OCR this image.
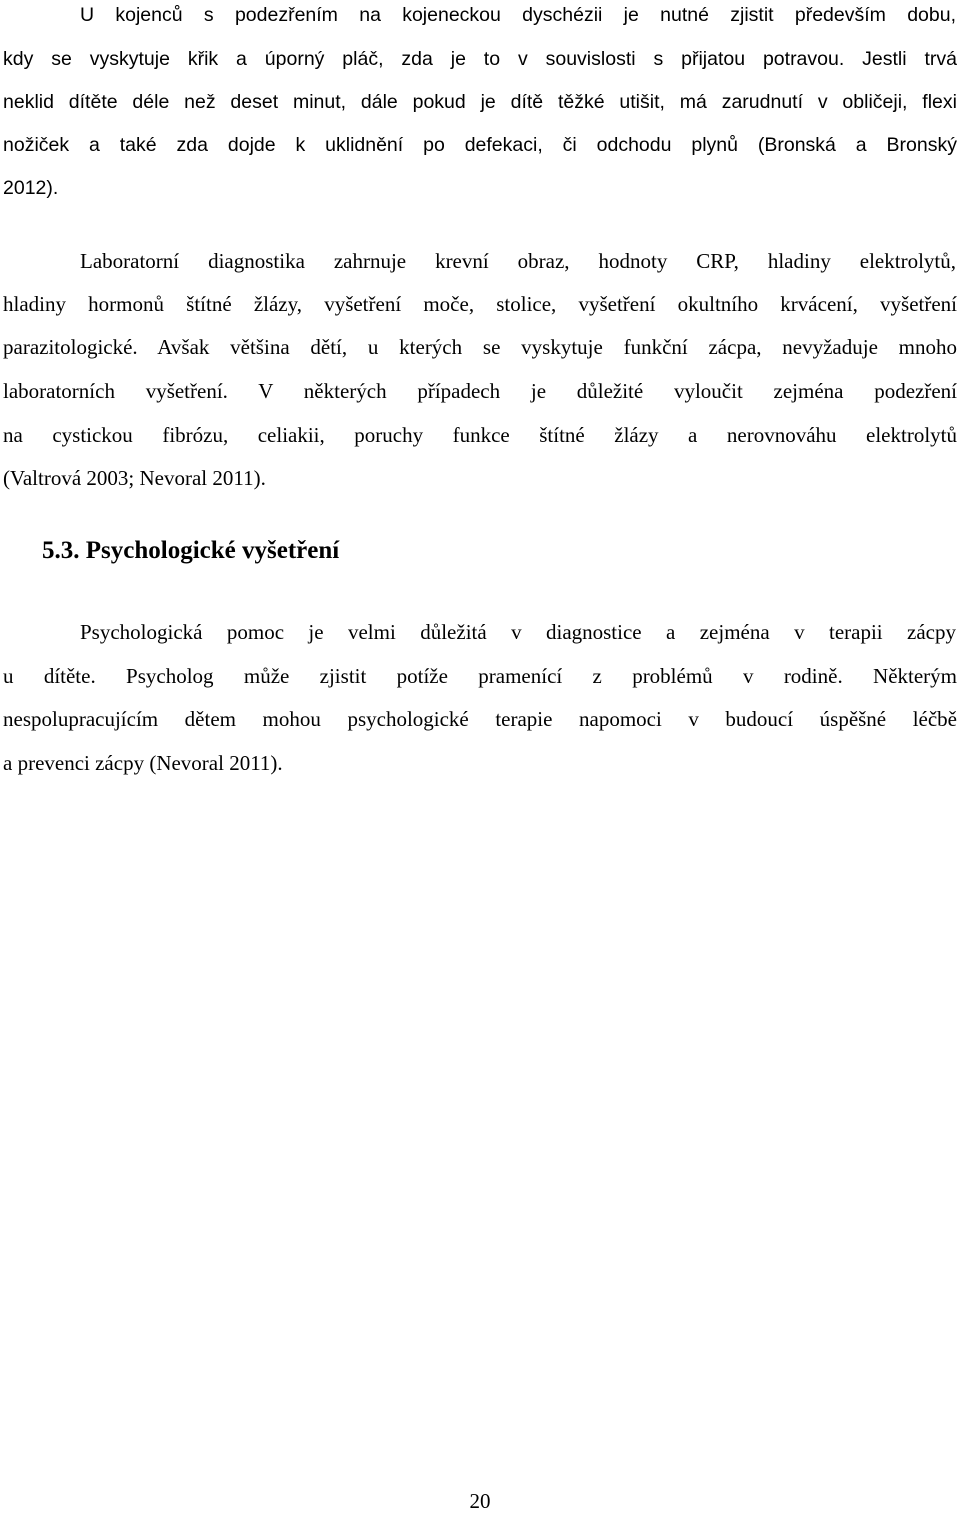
U kojenců s podezřením na kojeneckou dyschézii je nutné zjistit především dobu,
kdy se vyskytuje křik a úporný pláč, zda je to v souvislosti s přijatou potravou. Jestli trvá
neklid dítěte déle než deset minut, dále pokud je dítě těžké utišit, má zarudnutí v obličeji, flexi
nožiček a také zda dojde k uklidnění po defekaci, či odchodu plynů (Bronská a Bronský
2012).
Laboratorní diagnostika zahrnuje krevní obraz, hodnoty CRP, hladiny elektrolytů,
hladiny hormonů štítné žlázy, vyšetření moče, stolice, vyšetření okultního krvácení, vyšetření
parazitologické. Avšak většina dětí, u kterých se vyskytuje funkční zácpa, nevyžaduje mnoho
laboratorních vyšetření. V některých případech je důležité vyloučit zejména podezření
na cystickou fibrózu, celiakii, poruchy funkce štítné žlázy a nerovnováhu elektrolytů
(Valtrová 2003; Nevoral 2011).
5.3. Psychologické vyšetření
Psychologická pomoc je velmi důležitá v diagnostice a zejména v terapii zácpy
u dítěte. Psycholog může zjistit potíže pramenící z problémů v rodině. Některým
nespolupracujícím dětem mohou psychologické terapie napomoci v budoucí úspěšné léčbě
a prevenci zácpy (Nevoral 2011).
20
